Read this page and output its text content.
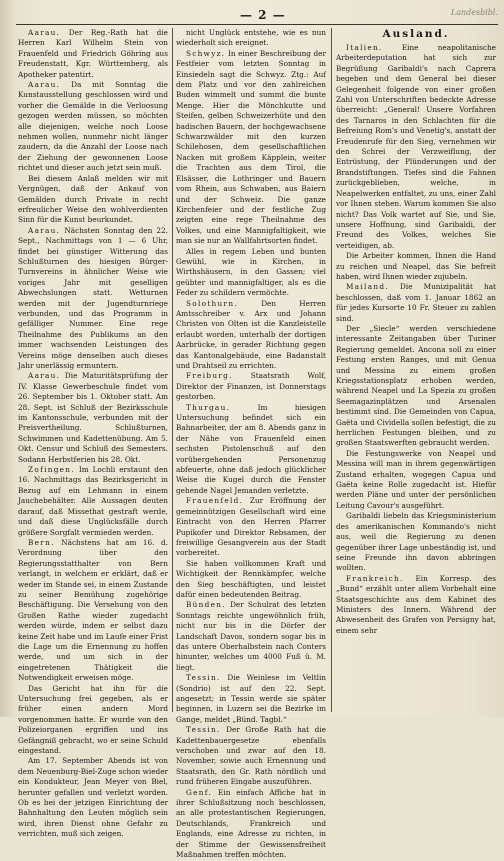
— 2 —	Landesbibl.

Aarau. Der Reg.-Rath hat die Herren Karl Wilhelm Stein von Frauenfeld und Friedrich Göhring aus Freudenstatt, Kgr. Württemberg, als Apotheker patentirt.

Aarau. Da mit Sonntag die Kunstausstellung geschlossen wird und vorher die Gemälde in die Verloosung gezogen werden müssen, so möchten alle diejenigen, welche noch Loose nehmen wollen, nunmehr nicht länger zaudern, da die Anzahl der Loose nach der Ziehung der gewonnenen Loose richtet und dieser auch jetzt sein muß.

Bei diesem Anlaß melden wir mit Vergnügen, daß der Ankauf von Gemälden durch Private in recht erfreulicher Weise den wohlverdienten Sinn für die Kunst beurkundet.

Aarau. Nächsten Sonntag den 22. Sept., Nachmittags von 1 — 6 Uhr, findet bei günstiger Witterung das Schlußturnen des hiesigen Bürger-Turnvereins in ähnlicher Weise wie voriges Jahr mit geselligen Abwechslungen statt. Wetturnen werden mit der Jugendturnriege verbunden, und das Programm in gefälliger Nummer. Eine rege Theilnahme des Publikums an den immer wachsenden Leistungen des Vereins möge denselben auch dieses Jahr unerlässig ermuntern.

Aarau. Die Maturitätsprüfung der IV. Klasse Gewerbeschule findet vom 26. September bis 1. Oktober statt. Am 28. Sept. ist Schluß der Bezirksschule im Kantonsschule, verbunden mit der Preisvertheilung. Schlußturnen, Schwimmen und Kadettenübung. Am 5. Okt. Censur und Schluß des Semesters. Sodann Herbstferien bis 28. Okt.

Zofingen. Im Lochli erstaunt den 16. Nachmittags das Bezirksgericht in Bezug auf ein Lehmann in einem Jauchebehälter. Alle Aussagen deuten darauf, daß Missethat gestraft werde, und daß diese Unglücksfälle durch größere Sorgfalt vermieden werden.

Bern. Nächstens hat am 16. d. Verordnung über den Regierungsstatthalter von Bern verlangt, in welchem er erklärt, daß er weder im Stande sei, in einem Zustande zu seiner Bemühung zugehörige Beschäftigung. Die Versehung von den Großen Rathe wieder zugedacht werden würde, indem er selbst dazu keine Zeit habe und im Laufe einer Frist die Lage um die Ernennung zu hoffen werde, und um sich in der eingetretenen Thätigkeit die Notwendigkeit erweisen möge.

Das Gericht hat ihn für die Untersuchung frei gegeben, als er früher einen andern Mord vorgenommen hatte. Er wurde von den Polizeiorganen ergriffen und ins Gefängniß gebracht, wo er seine Schuld eingestand.

Am 17. September Abends ist von dem Neuenburg-Biel-Zuge schon wieder ein Kondukteur, Jean Meyer von Biel, herunter gefallen und verletzt worden. Ob es bei der jetzigen Einrichtung der Bahnhaltung den Leuten möglich sein wird, ihren Dienst ohne Gefahr zu verrichten, muß sich zeigen.

nicht Unglück entstehe, wie es nun wiederholt sich ereignet.

Schwyz. In einer Beschreibung der Festfeier vom letzten Sonntag in Einsiedeln sagt die Schwyz. Ztg.: Auf dem Platz und vor den zahlreichen Buden wimmelt und summt die bunte Menge. Hier die Mönchkutte und Steifen, gelben Schweizerhüte und den badischen Bauern, der hochgewachsene Schwarzwälder mit den kurzen Schilehosen, dem gesellschaftlichen Nacken mit großem Käpplein, weiter die Trachten aus dem Tirol, die Elsässer, die Lothringer und Bauern vom Rhein, aus Schwaben, aus Baiern und der Schweiz. Die ganze Kirchenfeier und der festliche Zug zeigten eine rege Theilnahme des Volkes, und eine Mannigfaltigkeit, wie man sie nur an Wallfahrtsorten findet.

Alles in regem Leben und bunten Gewühl, wie in Kirchen, in Wirthshäusern, in den Gassen; viel geübter und mannigfaltiger, als es die Feder zu schildern vermöchte.

Solothurn.	Den Herren Amtsschreiber v. Arx und Johann Christen von Olten ist die Kanzleistelle erlaubt worden, unterhalb der dortigen Aarbrücke, in gerader Richtung gegen das Kantonalgebäude, eine Badanstalt und Drahtseil zu errichten.

Freiburg. Staatsrath Wolf, Direktor der Finanzen, ist Donnerstags gestorben.

Thurgau.	Im hiesigen Untersuchung befindet sich ein Bahnarbeiter, der am 8. Abends ganz in der Nähe von Frauenfeld einen sechsten Pistolenschuß auf den vorübergehenden Personenzug abfeuerte, ohne daß jedoch glücklicher Weise die Kugel durch die Fenster gehende Nagel Jemanden verletzte.

Frauenfeld. Zur Eröffnung der gemeinnützigen Gesellschaft wird eine Eintracht von den Herren Pfarrer Pupikofer und Direktor Rebsamen, der freiwillige Gesangverein aus der Stadt vorbereitet.

Sie haben vollkommen Kraft und Wichtigkeit der Rennkämpfer, welche den Sieg beschäftigten, und leistet dafür einen bedeutenden Beitrag.

Bünden. Der Schulrat des letzten Sonntags reichte ungewöhnlich früh, nicht nur bis in die Dörfer der Landschaft Davos, sondern sogar bis in das untere Oberhalbstein nach Conters hinunter, welches um 4000 Fuß ü. M. liegt.

Tessin. Die Weinlese im Veltlin (Sondrio) ist auf den 22. Sept. angesetzt; in Tessin werde sie später beginnen, in Luzern sei die Bezirke im Gange, meldet „Bünd. Tagbl.“

Tessin. Der Große Rath hat die Kadettenbauergesetze ebenfalls verschoben und zwar auf den 18. November, sowie auch Ernennung und Staatsrath, den Gr. Rath nördlich und rund früheren Eingabe auszuführen.

Genf. Ein einfach Affiche hat in ihrer Schlußsitzung noch beschlossen, an alle protestantischen Regierungen, Deutschlands, Frankreich und Englands, eine Adresse zu richten, in der Stimme der Gewissensfreiheit Maßnahmen treffen möchten.

Ausland.

Italien.	Eine neapolitanische Arbeiterdeputation hat sich zur Begrüßung Garibaldi's nach Caprera begeben und dem General bei dieser Gelegenheit folgende von einer großen Zahl von Unterschriften bedeckte Adresse überreicht: „General! Unsere Vorfahren des Tarnaros in den Schlachten für die Befreiung Rom's und Venetig's, anstatt der Freudenrufe für den Sieg, vernehmen wir den Schrei der Verzweiflung, der Entrüstung, der Plünderungen und der Brandstiftungen. Tiefes sind die Fahnen zurückgeblieben, welche, in Neapelwerken entfaltet, zu uns, einer Zahl vor Ihnen stehen. Warum kommen Sie also nicht? Das Volk wartet auf Sie, und Sie, unsere Hoffnung, sind Garibaldi, der Freund des Volkes, welches Sie verteidigen, ab.

Die Arbeiter kommen, Ihnen die Hand zu reichen und Neapel, das Sie befreit haben, wird Ihnen wieder zujubeln.

Mailand. Die Munizipalität hat beschlossen, daß vom 1. Januar 1862 an für jedes Kursorte 10 Fr. Steuer zu zahlen sind.

Der „Siecle“ werden verschiedene interessante Zeitangaben über Turiner Regierung gemeldet. Ancona soll zu einer Festung ersten Ranges, und mit Genua und Messina zu einem großen Kriegsstationsplatz erhoben werden, während Neapel und La Spezia zu großen Seemagazinplätzen und Arsenalen bestimmt sind. Die Gemeinden von Capua, Gaëta und Cividella sollen befestigt, die zu herrlichen Festungen bleiben, und zu großen Staatswerften gebraucht werden.

Die Festungswerke von Neapel und Messina will man in ihrem gegenwärtigen Zustand erhalten, wogegen Capua und Gaëta keine Rolle zugedacht ist. Hiefür werden Pläne und unter der persönlichen Leitung Cavour's ausgeführt.

Garibaldi liebeln das Kriegsministerium des amerikanischen Kommando's nicht aus, weil die Regierung zu denen gegenüber ihrer Lage unbeständig ist, und seine Freunde ihn davon abbringen wollten.

Frankreich. Ein Korresp. des „Bund“ erzählt unter allem Vorbehalt eine Staatsgeschichte aus dem Kabinet des Ministers des Innern. Während der Abwesenheit des Grafen von Persigny hat, einem sehr
